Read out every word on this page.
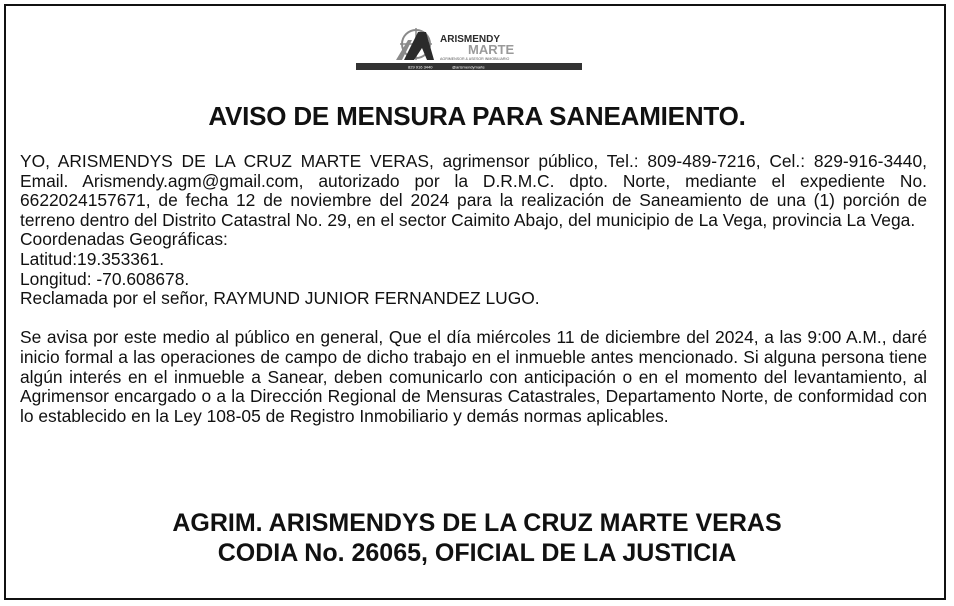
ARISMENDY
MARTE
AGRIMENSOR & ASESOR INMOBILIARIO
829 916 3440	@arismendymarte
AVISO DE MENSURA PARA SANEAMIENTO.

YO, ARISMENDYS DE LA CRUZ MARTE VERAS, agrimensor público, Tel.: 809-489-7216, Cel.: 829-916-3440, Email. Arismendy.agm@gmail.com, autorizado por la D.R.M.C. dpto. Norte, mediante el expediente No. 6622024157671, de fecha 12 de noviembre del 2024 para la realización de Saneamiento de una (1) porción de terreno dentro del Distrito Catastral No. 29, en el sector Caimito Abajo, del municipio de La Vega, provincia La Vega.

Coordenadas Geográficas:

Latitud:19.353361.

Longitud: -70.608678.

Reclamada por el señor, RAYMUND JUNIOR FERNANDEZ LUGO.

Se avisa por este medio al público en general, Que el día miércoles 11 de diciembre del 2024, a las 9:00 A.M., daré inicio formal a las operaciones de campo de dicho trabajo en el inmueble antes mencionado. Si alguna persona tiene algún interés en el inmueble a Sanear, deben comunicarlo con anticipación o en el momento del levantamiento, al Agrimensor encargado o a la Dirección Regional de Mensuras Catastrales, Departamento Norte, de conformidad con lo establecido en la Ley 108-05 de Registro Inmobiliario y demás normas aplicables.

AGRIM. ARISMENDYS DE LA CRUZ MARTE VERAS
CODIA No. 26065, OFICIAL DE LA JUSTICIA
